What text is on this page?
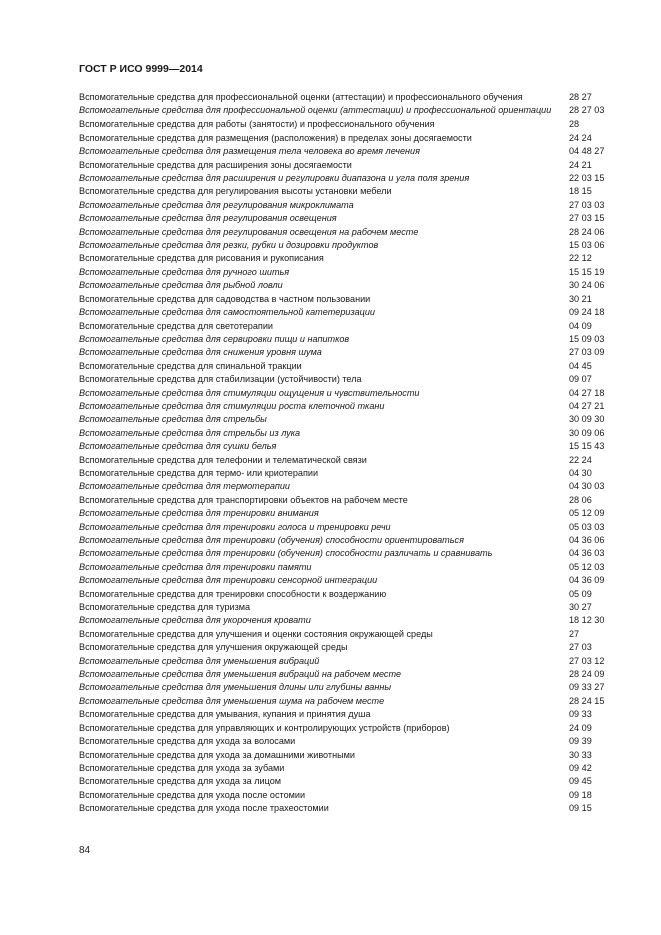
ГОСТ Р ИСО 9999—2014
Вспомогательные средства для профессиональной оценки (аттестации) и профессионального обучения	28 27
Вспомогательные средства для профессиональной оценки (аттестации) и профессиональной ориентации	28 27 03
Вспомогательные средства для работы (занятости) и профессионального обучения	28
Вспомогательные средства для размещения (расположения) в пределах зоны досягаемости	24 24
Вспомогательные средства для размещения тела человека во время лечения	04 48 27
Вспомогательные средства для расширения зоны досягаемости	24 21
Вспомогательные средства для расширения и регулировки диапазона и угла поля зрения	22 03 15
Вспомогательные средства для регулирования высоты установки мебели	18 15
Вспомогательные средства для регулирования микроклимата	27 03 03
Вспомогательные средства для регулирования освещения	27 03 15
Вспомогательные средства для регулирования освещения на рабочем месте	28 24 06
Вспомогательные средства для резки, рубки и дозировки продуктов	15 03 06
Вспомогательные средства для рисования и рукописания	22 12
Вспомогательные средства для ручного шитья	15 15 19
Вспомогательные средства для рыбной ловли	30 24 06
Вспомогательные средства для садоводства в частном пользовании	30 21
Вспомогательные средства для самостоятельной катетеризации	09 24 18
Вспомогательные средства для светотерапии	04 09
Вспомогательные средства для сервировки пищи и напитков	15 09 03
Вспомогательные средства для снижения уровня шума	27 03 09
Вспомогательные средства для спинальной тракции	04 45
Вспомогательные средства для стабилизации (устойчивости) тела	09 07
Вспомогательные средства для стимуляции ощущения и чувствительности	04 27 18
Вспомогательные средства для стимуляции роста клеточной ткани	04 27 21
Вспомогательные средства для стрельбы	30 09 30
Вспомогательные средства для стрельбы из лука	30 09 06
Вспомогательные средства для сушки белья	15 15 43
Вспомогательные средства для телефонии и телематической связи	22 24
Вспомогательные средства для термо- или криотерапии	04 30
Вспомогательные средства для термотерапии	04 30 03
Вспомогательные средства для транспортировки объектов на рабочем месте	28 06
Вспомогательные средства для тренировки внимания	05 12 09
Вспомогательные средства для тренировки голоса и тренировки речи	05 03 03
Вспомогательные средства для тренировки (обучения) способности ориентироваться	04 36 06
Вспомогательные средства для тренировки (обучения) способности различать и сравнивать	04 36 03
Вспомогательные средства для тренировки памяти	05 12 03
Вспомогательные средства для тренировки сенсорной интеграции	04 36 09
Вспомогательные средства для тренировки способности к воздержанию	05 09
Вспомогательные средства для туризма	30 27
Вспомогательные средства для укорочения кровати	18 12 30
Вспомогательные средства для улучшения и оценки состояния окружающей среды	27
Вспомогательные средства для улучшения окружающей среды	27 03
Вспомогательные средства для уменьшения вибраций	27 03 12
Вспомогательные средства для уменьшения вибраций на рабочем месте	28 24 09
Вспомогательные средства для уменьшения длины или глубины ванны	09 33 27
Вспомогательные средства для уменьшения шума на рабочем месте	28 24 15
Вспомогательные средства для умывания, купания и принятия душа	09 33
Вспомогательные средства для управляющих и контролирующих устройств (приборов)	24 09
Вспомогательные средства для ухода за волосами	09 39
Вспомогательные средства для ухода за домашними животными	30 33
Вспомогательные средства для ухода за зубами	09 42
Вспомогательные средства для ухода за лицом	09 45
Вспомогательные средства для ухода после остомии	09 18
Вспомогательные средства для ухода после трахеостомии	09 15
84
